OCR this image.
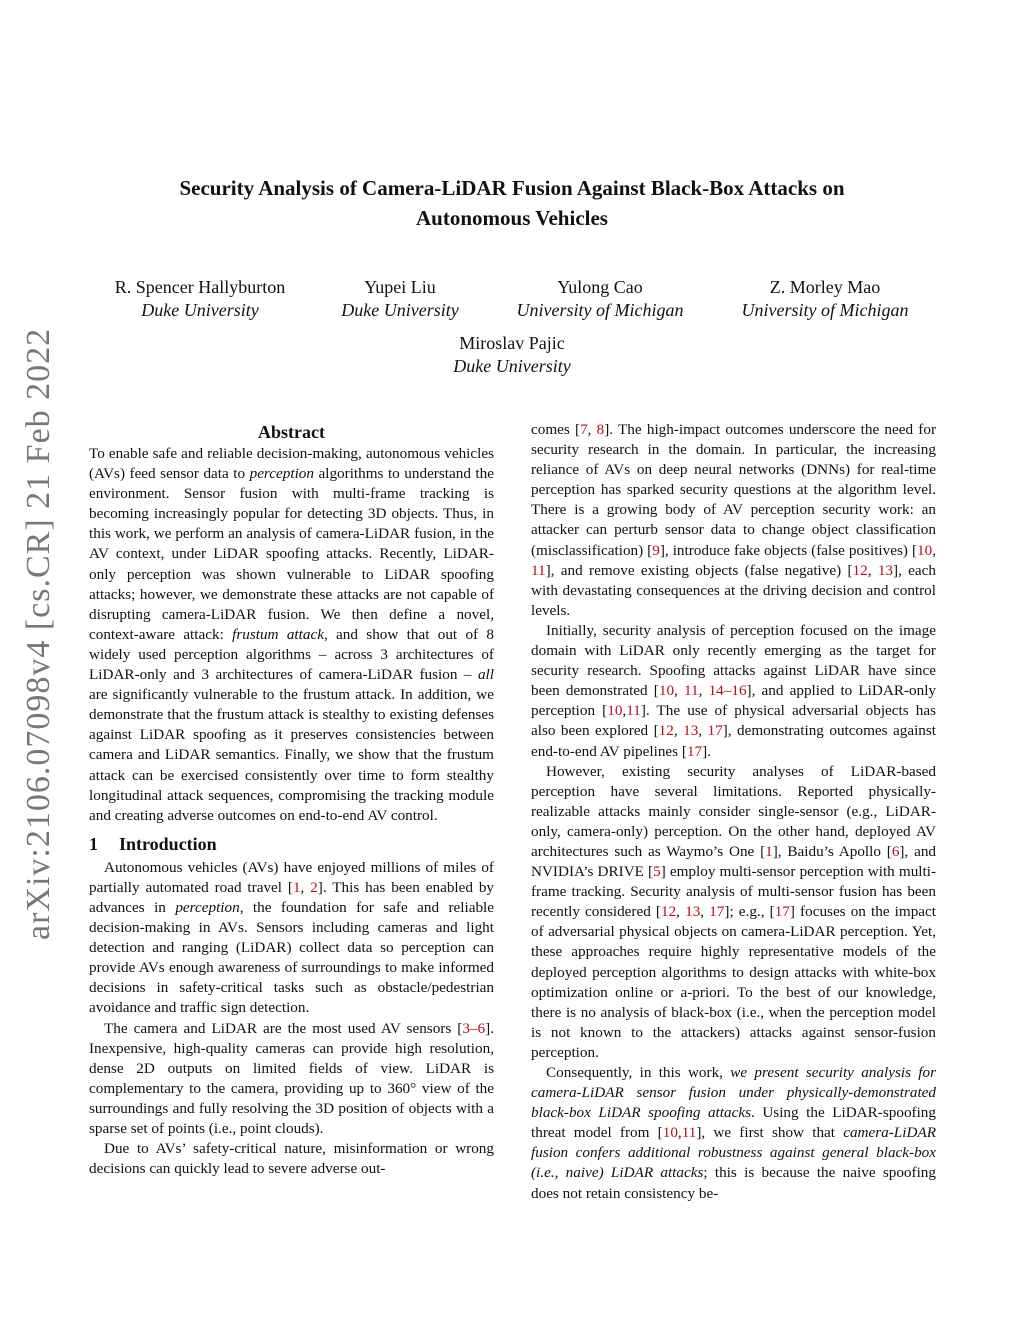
arXiv:2106.07098v4 [cs.CR] 21 Feb 2022
Security Analysis of Camera-LiDAR Fusion Against Black-Box Attacks on
Autonomous Vehicles
R. Spencer Hallyburton
Duke University
Yupei Liu
Duke University
Yulong Cao
University of Michigan
Z. Morley Mao
University of Michigan
Miroslav Pajic
Duke University
Abstract

To enable safe and reliable decision-making, autonomous vehicles (AVs) feed sensor data to perception algorithms to understand the environment. Sensor fusion with multi-frame tracking is becoming increasingly popular for detecting 3D objects. Thus, in this work, we perform an analysis of camera-LiDAR fusion, in the AV context, under LiDAR spoofing attacks. Recently, LiDAR-only perception was shown vulnerable to LiDAR spoofing attacks; however, we demonstrate these attacks are not capable of disrupting camera-LiDAR fusion. We then define a novel, context-aware attack: frustum attack, and show that out of 8 widely used perception algorithms – across 3 architectures of LiDAR-only and 3 architectures of camera-LiDAR fusion – all are significantly vulnerable to the frustum attack. In addition, we demonstrate that the frustum attack is stealthy to existing defenses against LiDAR spoofing as it preserves consistencies between camera and LiDAR semantics. Finally, we show that the frustum attack can be exercised consistently over time to form stealthy longitudinal attack sequences, compromising the tracking module and creating adverse outcomes on end-to-end AV control.

1 Introduction

Autonomous vehicles (AVs) have enjoyed millions of miles of partially automated road travel [1, 2]. This has been enabled by advances in perception, the foundation for safe and reliable decision-making in AVs. Sensors including cameras and light detection and ranging (LiDAR) collect data so perception can provide AVs enough awareness of surroundings to make informed decisions in safety-critical tasks such as obstacle/pedestrian avoidance and traffic sign detection.

The camera and LiDAR are the most used AV sensors [3–6]. Inexpensive, high-quality cameras can provide high resolution, dense 2D outputs on limited fields of view. LiDAR is complementary to the camera, providing up to 360° view of the surroundings and fully resolving the 3D position of objects with a sparse set of points (i.e., point clouds).

Due to AVs’ safety-critical nature, misinformation or wrong decisions can quickly lead to severe adverse out-

comes [7, 8]. The high-impact outcomes underscore the need for security research in the domain. In particular, the increasing reliance of AVs on deep neural networks (DNNs) for real-time perception has sparked security questions at the algorithm level. There is a growing body of AV perception security work: an attacker can perturb sensor data to change object classification (misclassification) [9], introduce fake objects (false positives) [10, 11], and remove existing objects (false negative) [12, 13], each with devastating consequences at the driving decision and control levels.

Initially, security analysis of perception focused on the image domain with LiDAR only recently emerging as the target for security research. Spoofing attacks against LiDAR have since been demonstrated [10, 11, 14–16], and applied to LiDAR-only perception [10,11]. The use of physical adversarial objects has also been explored [12, 13, 17], demonstrating outcomes against end-to-end AV pipelines [17].

However, existing security analyses of LiDAR-based perception have several limitations. Reported physically-realizable attacks mainly consider single-sensor (e.g., LiDAR-only, camera-only) perception. On the other hand, deployed AV architectures such as Waymo’s One [1], Baidu’s Apollo [6], and NVIDIA’s DRIVE [5] employ multi-sensor perception with multi-frame tracking. Security analysis of multi-sensor fusion has been recently considered [12, 13, 17]; e.g., [17] focuses on the impact of adversarial physical objects on camera-LiDAR perception. Yet, these approaches require highly representative models of the deployed perception algorithms to design attacks with white-box optimization online or a-priori. To the best of our knowledge, there is no analysis of black-box (i.e., when the perception model is not known to the attackers) attacks against sensor-fusion perception.

Consequently, in this work, we present security analysis for camera-LiDAR sensor fusion under physically-demonstrated black-box LiDAR spoofing attacks. Using the LiDAR-spoofing threat model from [10,11], we first show that camera-LiDAR fusion confers additional robustness against general black-box (i.e., naive) LiDAR attacks; this is because the naive spoofing does not retain consistency be-
